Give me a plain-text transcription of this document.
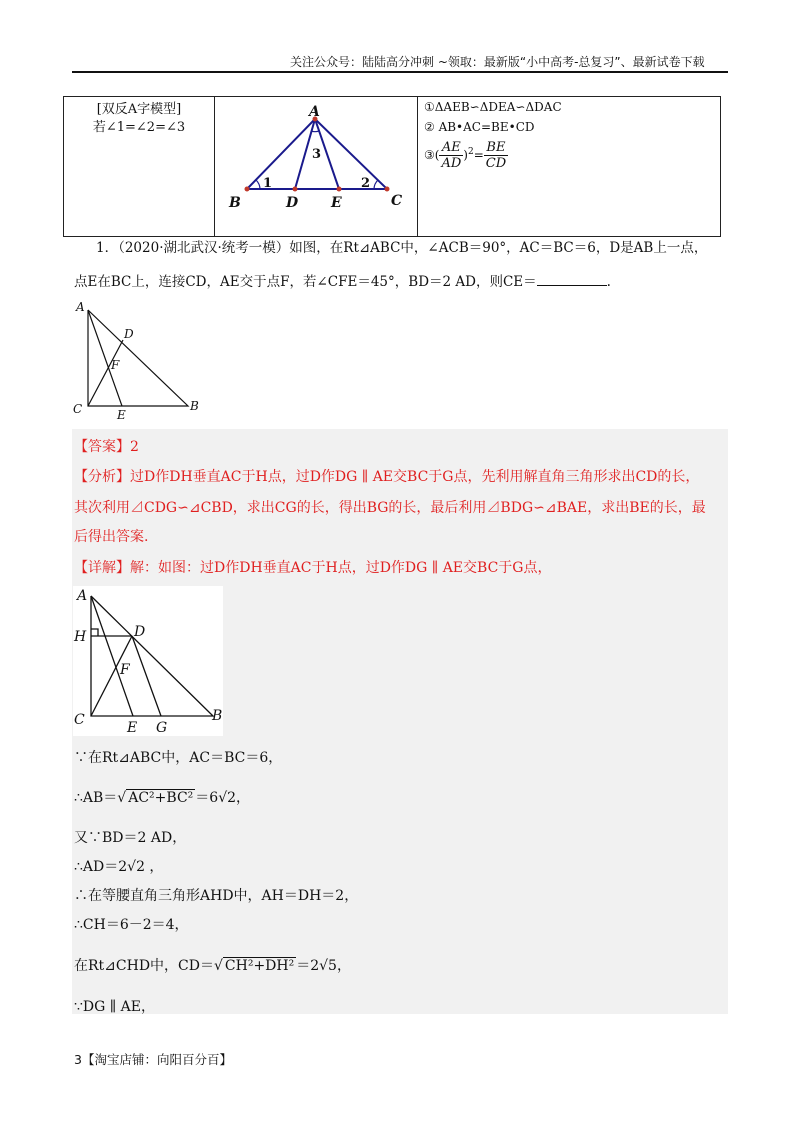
关注公众号：陆陆高分冲刺 ~领取：最新版“小中高考-总复习”、最新试卷下载
[双反A字模型]
若∠1=∠2=∠3

A
B	D E	C
1	2
3

①ΔAEB∽ΔDEA∽ΔDAC
② AB•AC=BE•CD
③( $\frac{AE}{AD} )^2= \frac{BE}{CD}$
1．（2020·湖北武汉·统考一模）如图，在Rt⊿ABC中，∠ACB＝90°，AC＝BC＝6，D是AB上一点，
点E在BC上，连接CD，AE交于点F，若∠CFE＝45°，BD＝2 AD，则CE＝	.
A
D
F
C	E
B
【答案】2
【分析】过D作DH垂直AC于H点，过D作DG ∥ AE交BC于G点，先利用解直角三角形求出CD的长，
其次利用⊿CDG∽⊿CBD，求出CG的长，得出BG的长，最后利用⊿BDG∽⊿BAE，求出BE的长，最
后得出答案.
【详解】解：如图：过D作DH垂直AC于H点，过D作DG ∥ AE交BC于G点，
A
H	D
F
C	E G
B
∵在Rt⊿ABC中，AC＝BC＝6，
∴AB＝√ AC²+BC² ＝6√2，
又∵BD＝2 AD，
∴AD＝2√2 ，
∴在等腰直角三角形AHD中，AH＝DH＝2，
∴CH＝6－2＝4，
在Rt⊿CHD中，CD＝√ CH²+DH² ＝2√5，
∵DG ∥ AE，
3【淘宝店铺：向阳百分百】
